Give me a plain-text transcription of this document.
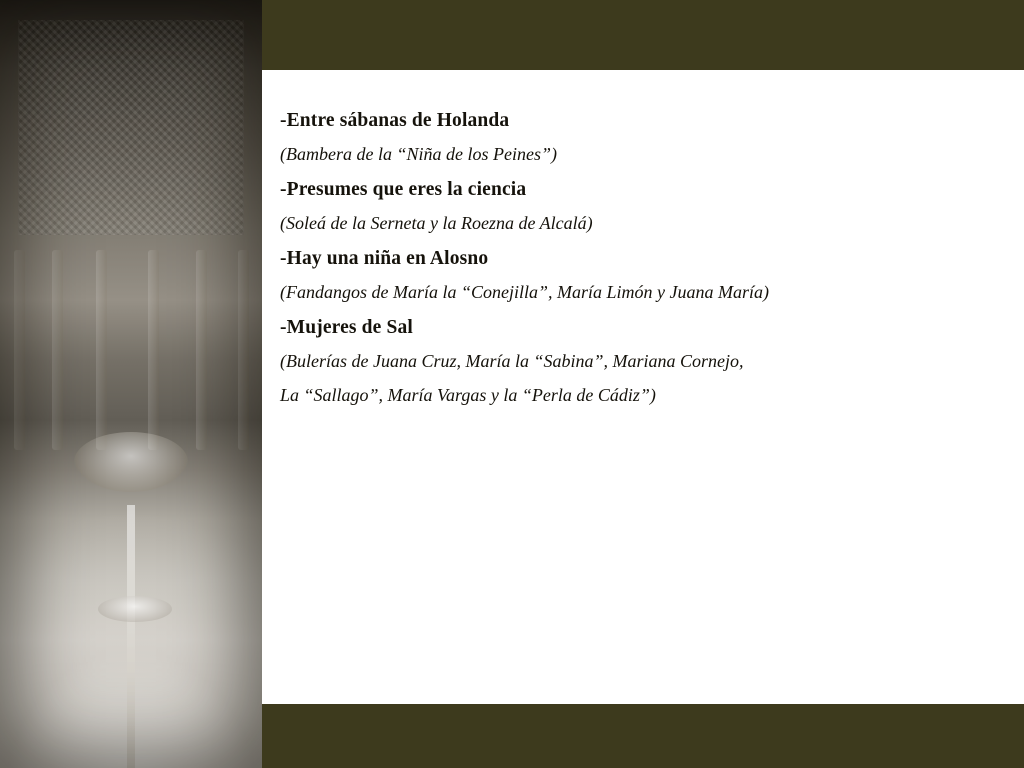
-Entre sábanas de Holanda
(Bambera de la “Niña de los Peines”)
-Presumes que eres la ciencia
(Soleá de la Serneta y la Roezna de Alcalá)
-Hay una niña en Alosno
(Fandangos de María la “Conejilla”, María Limón y Juana María)
-Mujeres de Sal
(Bulerías de Juana Cruz, María la “Sabina”, Mariana Cornejo,
La “Sallago”, María Vargas y la “Perla de Cádiz”)
